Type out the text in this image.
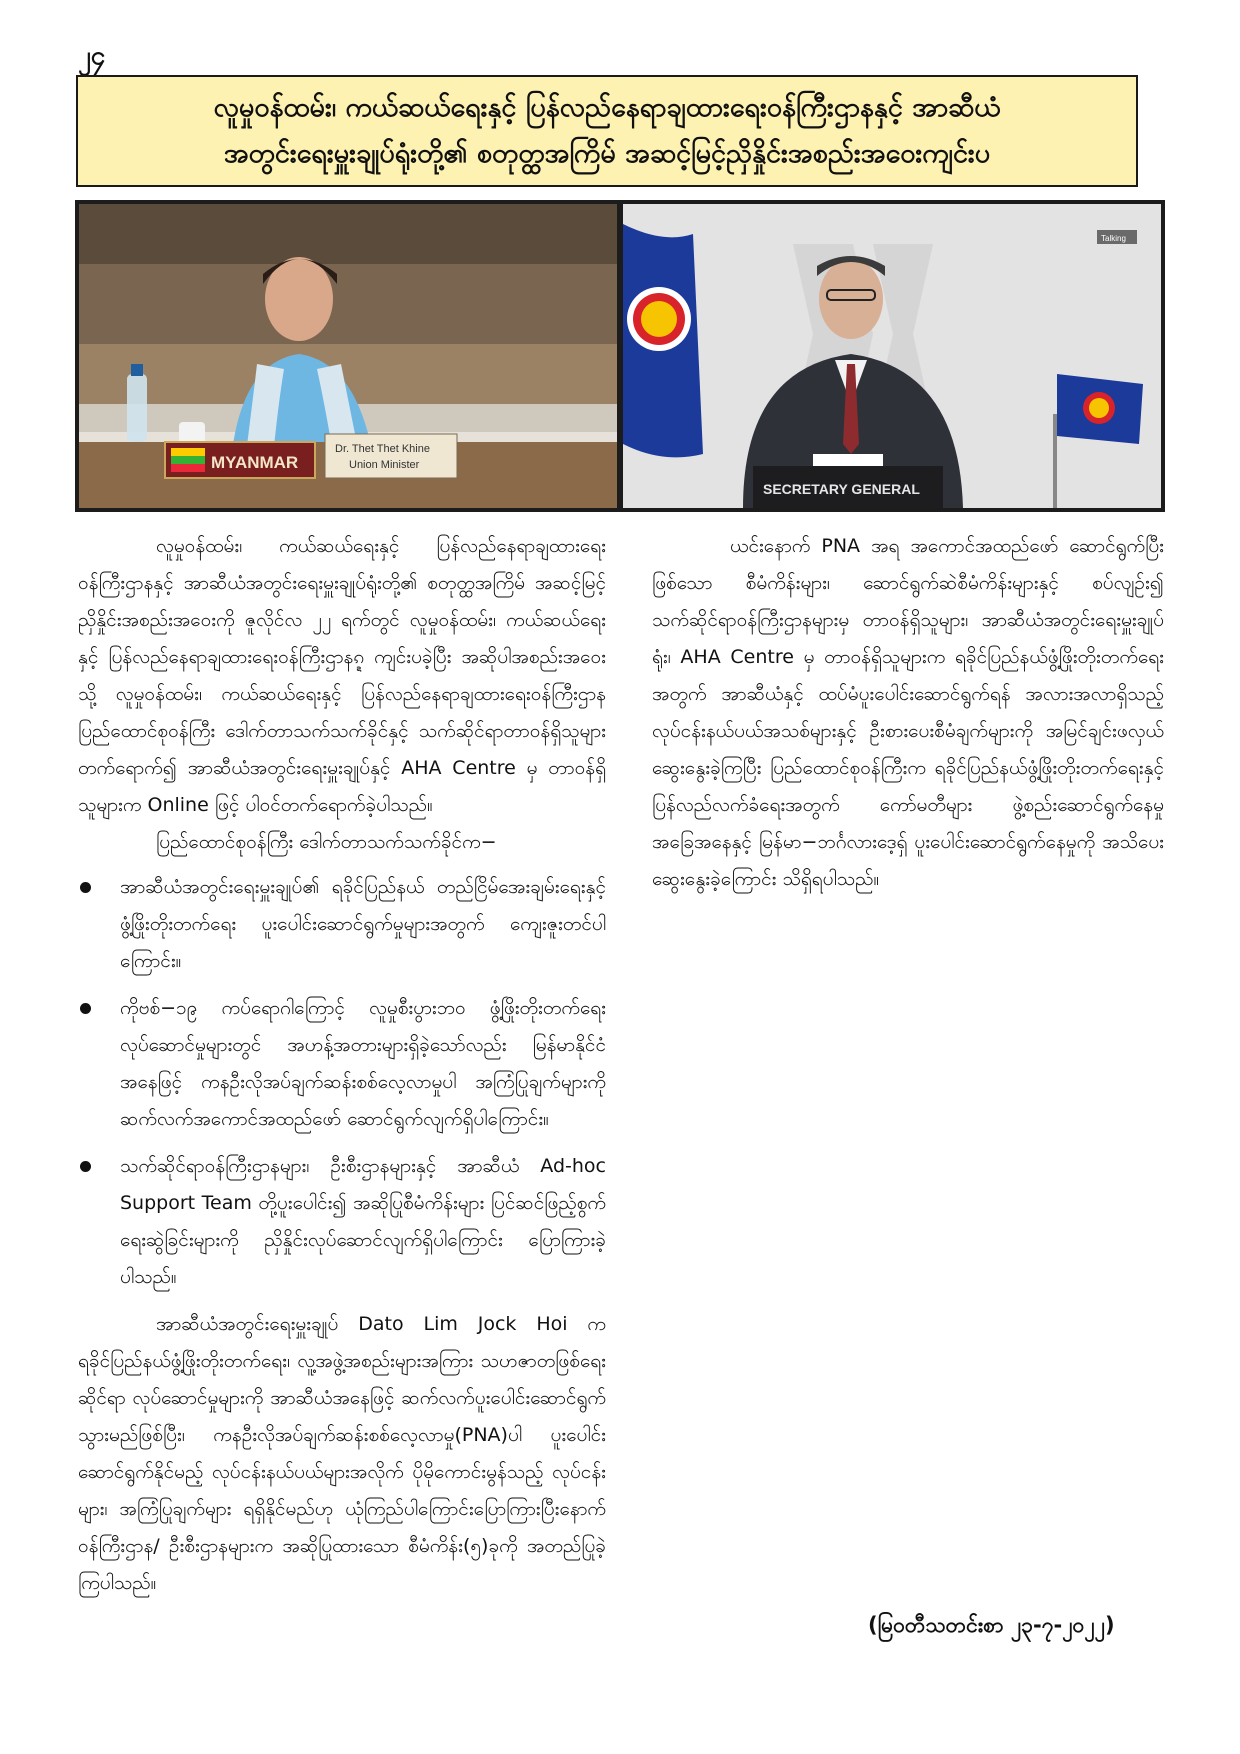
၂၄
လူမှုဝန်ထမ်း၊ ကယ်ဆယ်ရေးနှင့် ပြန်လည်နေရာချထားရေးဝန်ကြီးဌာနနှင့် အာဆီယံ
အတွင်းရေးမှူးချုပ်ရုံးတို့၏ စတုတ္ထအကြိမ် အဆင့်မြင့်ညှိနှိုင်းအစည်းအဝေးကျင်းပ
MYANMAR
Dr. Thet Thet Khine
Union Minister
SECRETARY GENERAL
Talking

လူမှုဝန်ထမ်း၊ ကယ်ဆယ်ရေးနှင့် ပြန်လည်နေရာချထားရေးဝန်ကြီးဌာနနှင့် အာဆီယံအတွင်းရေးမှူးချုပ်ရုံးတို့၏ စတုတ္ထအကြိမ် အဆင့်မြင့်ညှိနှိုင်းအစည်းအဝေးကို ဇူလိုင်လ ၂၂ ရက်တွင် လူမှုဝန်ထမ်း၊ ကယ်ဆယ်ရေးနှင့် ပြန်လည်နေရာချထားရေးဝန်ကြီးဌာနၵ္ဍ ကျင်းပခဲ့ပြီး အဆိုပါအစည်းအဝေးသို့ လူမှုဝန်ထမ်း၊ ကယ်ဆယ်ရေးနှင့် ပြန်လည်နေရာချထားရေးဝန်ကြီးဌာန ပြည်ထောင်စုဝန်ကြီး ဒေါက်တာသက်သက်ခိုင်နှင့် သက်ဆိုင်ရာတာဝန်ရှိသူများ တက်ရောက်၍ အာဆီယံအတွင်းရေးမှူးချုပ်နှင့် AHA Centre မှ တာဝန်ရှိသူများက Online ဖြင့် ပါဝင်တက်ရောက်ခဲ့ပါသည်။

ပြည်ထောင်စုဝန်ကြီး ဒေါက်တာသက်သက်ခိုင်က−

အာဆီယံအတွင်းရေးမှူးချုပ်၏ ရခိုင်ပြည်နယ် တည်ငြိမ်အေးချမ်းရေးနှင့် ဖွံ့ဖြိုးတိုးတက်ရေး ပူးပေါင်းဆောင်ရွက်မှုများအတွက် ကျေးဇူးတင်ပါကြောင်း။
ကိုဗစ်−၁၉ ကပ်ရောဂါကြောင့် လူမှုစီးပွားဘဝ ဖွံ့ဖြိုးတိုးတက်ရေးလုပ်ဆောင်မှုများတွင် အဟန့်အတားများရှိခဲ့သော်လည်း မြန်မာနိုင်ငံအနေဖြင့် ကနဦးလိုအပ်ချက်ဆန်းစစ်လေ့လာမှုပါ အကြံပြုချက်များကို ဆက်လက်အကောင်အထည်ဖော် ဆောင်ရွက်လျက်ရှိပါကြောင်း။
သက်ဆိုင်ရာဝန်ကြီးဌာနများ၊ ဦးစီးဌာနများနှင့် အာဆီယံ Ad-hoc Support Team တို့ပူးပေါင်း၍ အဆိုပြုစီမံကိန်းများ ပြင်ဆင်ဖြည့်စွက်ရေးဆွဲခြင်းများကို ညှိနှိုင်းလုပ်ဆောင်လျက်ရှိပါကြောင်း ပြောကြားခဲ့ပါသည်။

အာဆီယံအတွင်းရေးမှူးချုပ် Dato Lim Jock Hoi က ရခိုင်ပြည်နယ်ဖွံ့ဖြိုးတိုးတက်ရေး၊ လူ့အဖွဲ့အစည်းများအကြား သဟဇာတဖြစ်ရေးဆိုင်ရာ လုပ်ဆောင်မှုများကို အာဆီယံအနေဖြင့် ဆက်လက်ပူးပေါင်းဆောင်ရွက်သွားမည်ဖြစ်ပြီး၊ ကနဦးလိုအပ်ချက်ဆန်းစစ်လေ့လာမှု(PNA)ပါ ပူးပေါင်းဆောင်ရွက်နိုင်မည့် လုပ်ငန်းနယ်ပယ်များအလိုက် ပိုမိုကောင်းမွန်သည့် လုပ်ငန်းများ၊ အကြံပြုချက်များ ရရှိနိုင်မည်ဟု ယုံကြည်ပါကြောင်းပြောကြားပြီးနောက် ဝန်ကြီးဌာန/ ဦးစီးဌာနများက အဆိုပြုထားသော စီမံကိန်း(၅)ခုကို အတည်ပြုခဲ့ကြပါသည်။

ယင်းနောက် PNA အရ အကောင်အထည်ဖော် ဆောင်ရွက်ပြီးဖြစ်သော စီမံကိန်းများ၊ ဆောင်ရွက်ဆဲစီမံကိန်းများနှင့် စပ်လျဉ်း၍ သက်ဆိုင်ရာဝန်ကြီးဌာနများမှ တာဝန်ရှိသူများ၊ အာဆီယံအတွင်းရေးမှူးချုပ်ရုံး၊ AHA Centre မှ တာဝန်ရှိသူများက ရခိုင်ပြည်နယ်ဖွံ့ဖြိုးတိုးတက်ရေးအတွက် အာဆီယံနှင့် ထပ်မံပူးပေါင်းဆောင်ရွက်ရန် အလားအလာရှိသည့် လုပ်ငန်းနယ်ပယ်အသစ်များနှင့် ဦးစားပေးစီမံချက်များကို အမြင်ချင်းဖလှယ် ဆွေးနွေးခဲ့ကြပြီး ပြည်ထောင်စုဝန်ကြီးက ရခိုင်ပြည်နယ်ဖွံ့ဖြိုးတိုးတက်ရေးနှင့် ပြန်လည်လက်ခံရေးအတွက် ကော်မတီများ ဖွဲ့စည်းဆောင်ရွက်နေမှု အခြေအနေနှင့် မြန်မာ−ဘင်္ဂလားဒေ့ရှ် ပူးပေါင်းဆောင်ရွက်နေမှုကို အသိပေးဆွေးနွေးခဲ့ကြောင်း သိရှိရပါသည်။

(မြဝတီသတင်းစာ ၂၃-၇-၂၀၂၂)
